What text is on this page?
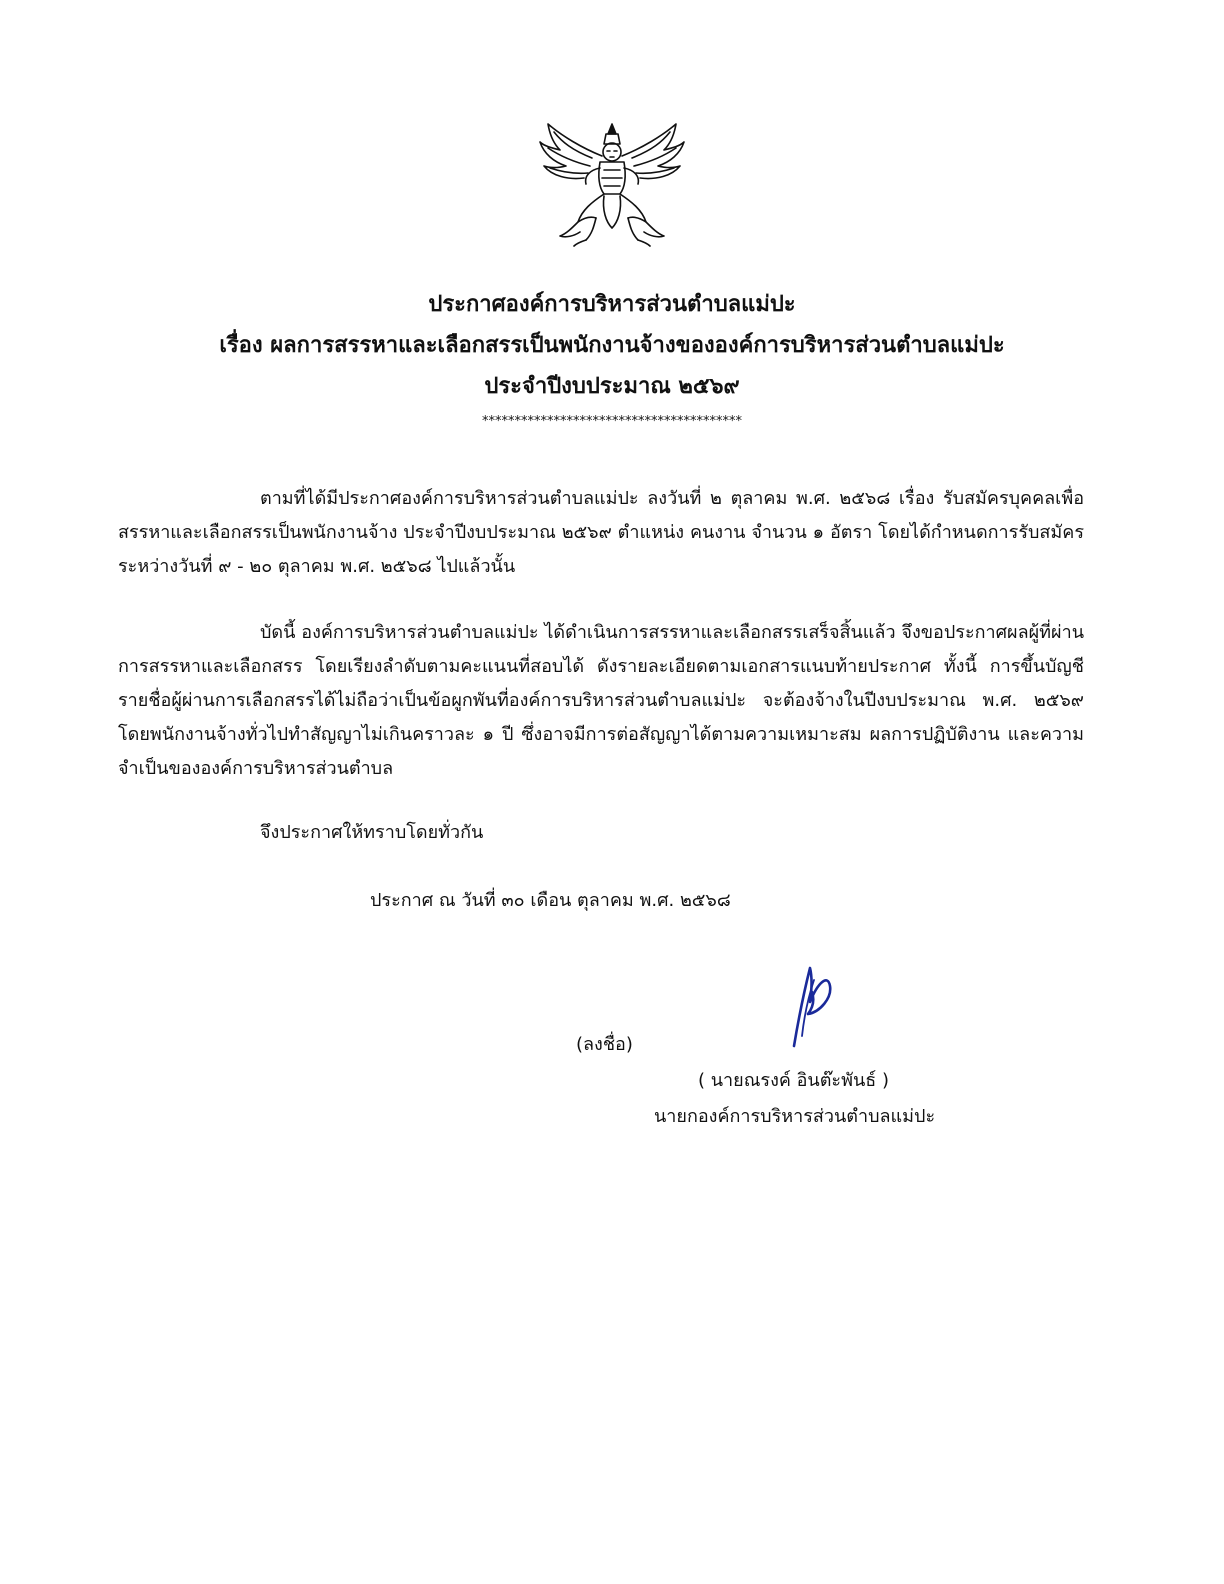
ประกาศองค์การบริหารส่วนตำบลแม่ปะ
เรื่อง ผลการสรรหาและเลือกสรรเป็นพนักงานจ้างขององค์การบริหารส่วนตำบลแม่ปะ
ประจำปีงบประมาณ ๒๕๖๙
****************************************
ตามที่ได้มีประกาศองค์การบริหารส่วนตำบลแม่ปะ ลงวันที่ ๒ ตุลาคม พ.ศ. ๒๕๖๘ เรื่อง รับสมัครบุคคลเพื่อสรรหาและเลือกสรรเป็นพนักงานจ้าง ประจำปีงบประมาณ ๒๕๖๙ ตำแหน่ง คนงาน จำนวน ๑ อัตรา โดยได้กำหนดการรับสมัคร ระหว่างวันที่ ๙ - ๒๐ ตุลาคม พ.ศ. ๒๕๖๘ ไปแล้วนั้น
บัดนี้ องค์การบริหารส่วนตำบลแม่ปะ ได้ดำเนินการสรรหาและเลือกสรรเสร็จสิ้นแล้ว จึงขอประกาศผลผู้ที่ผ่านการสรรหาและเลือกสรร โดยเรียงลำดับตามคะแนนที่สอบได้ ดังรายละเอียดตามเอกสารแนบท้ายประกาศ ทั้งนี้ การขึ้นบัญชีรายชื่อผู้ผ่านการเลือกสรรได้ไม่ถือว่าเป็นข้อผูกพันที่องค์การบริหารส่วนตำบลแม่ปะ จะต้องจ้างในปีงบประมาณ พ.ศ. ๒๕๖๙ โดยพนักงานจ้างทั่วไปทำสัญญาไม่เกินคราวละ ๑ ปี ซึ่งอาจมีการต่อสัญญาได้ตามความเหมาะสม ผลการปฏิบัติงาน และความจำเป็นขององค์การบริหารส่วนตำบล
จึงประกาศให้ทราบโดยทั่วกัน
ประกาศ ณ วันที่ ๓๐ เดือน ตุลาคม พ.ศ. ๒๕๖๘
(ลงชื่อ)
( นายณรงค์ อินต๊ะพันธ์ )
นายกองค์การบริหารส่วนตำบลแม่ปะ
